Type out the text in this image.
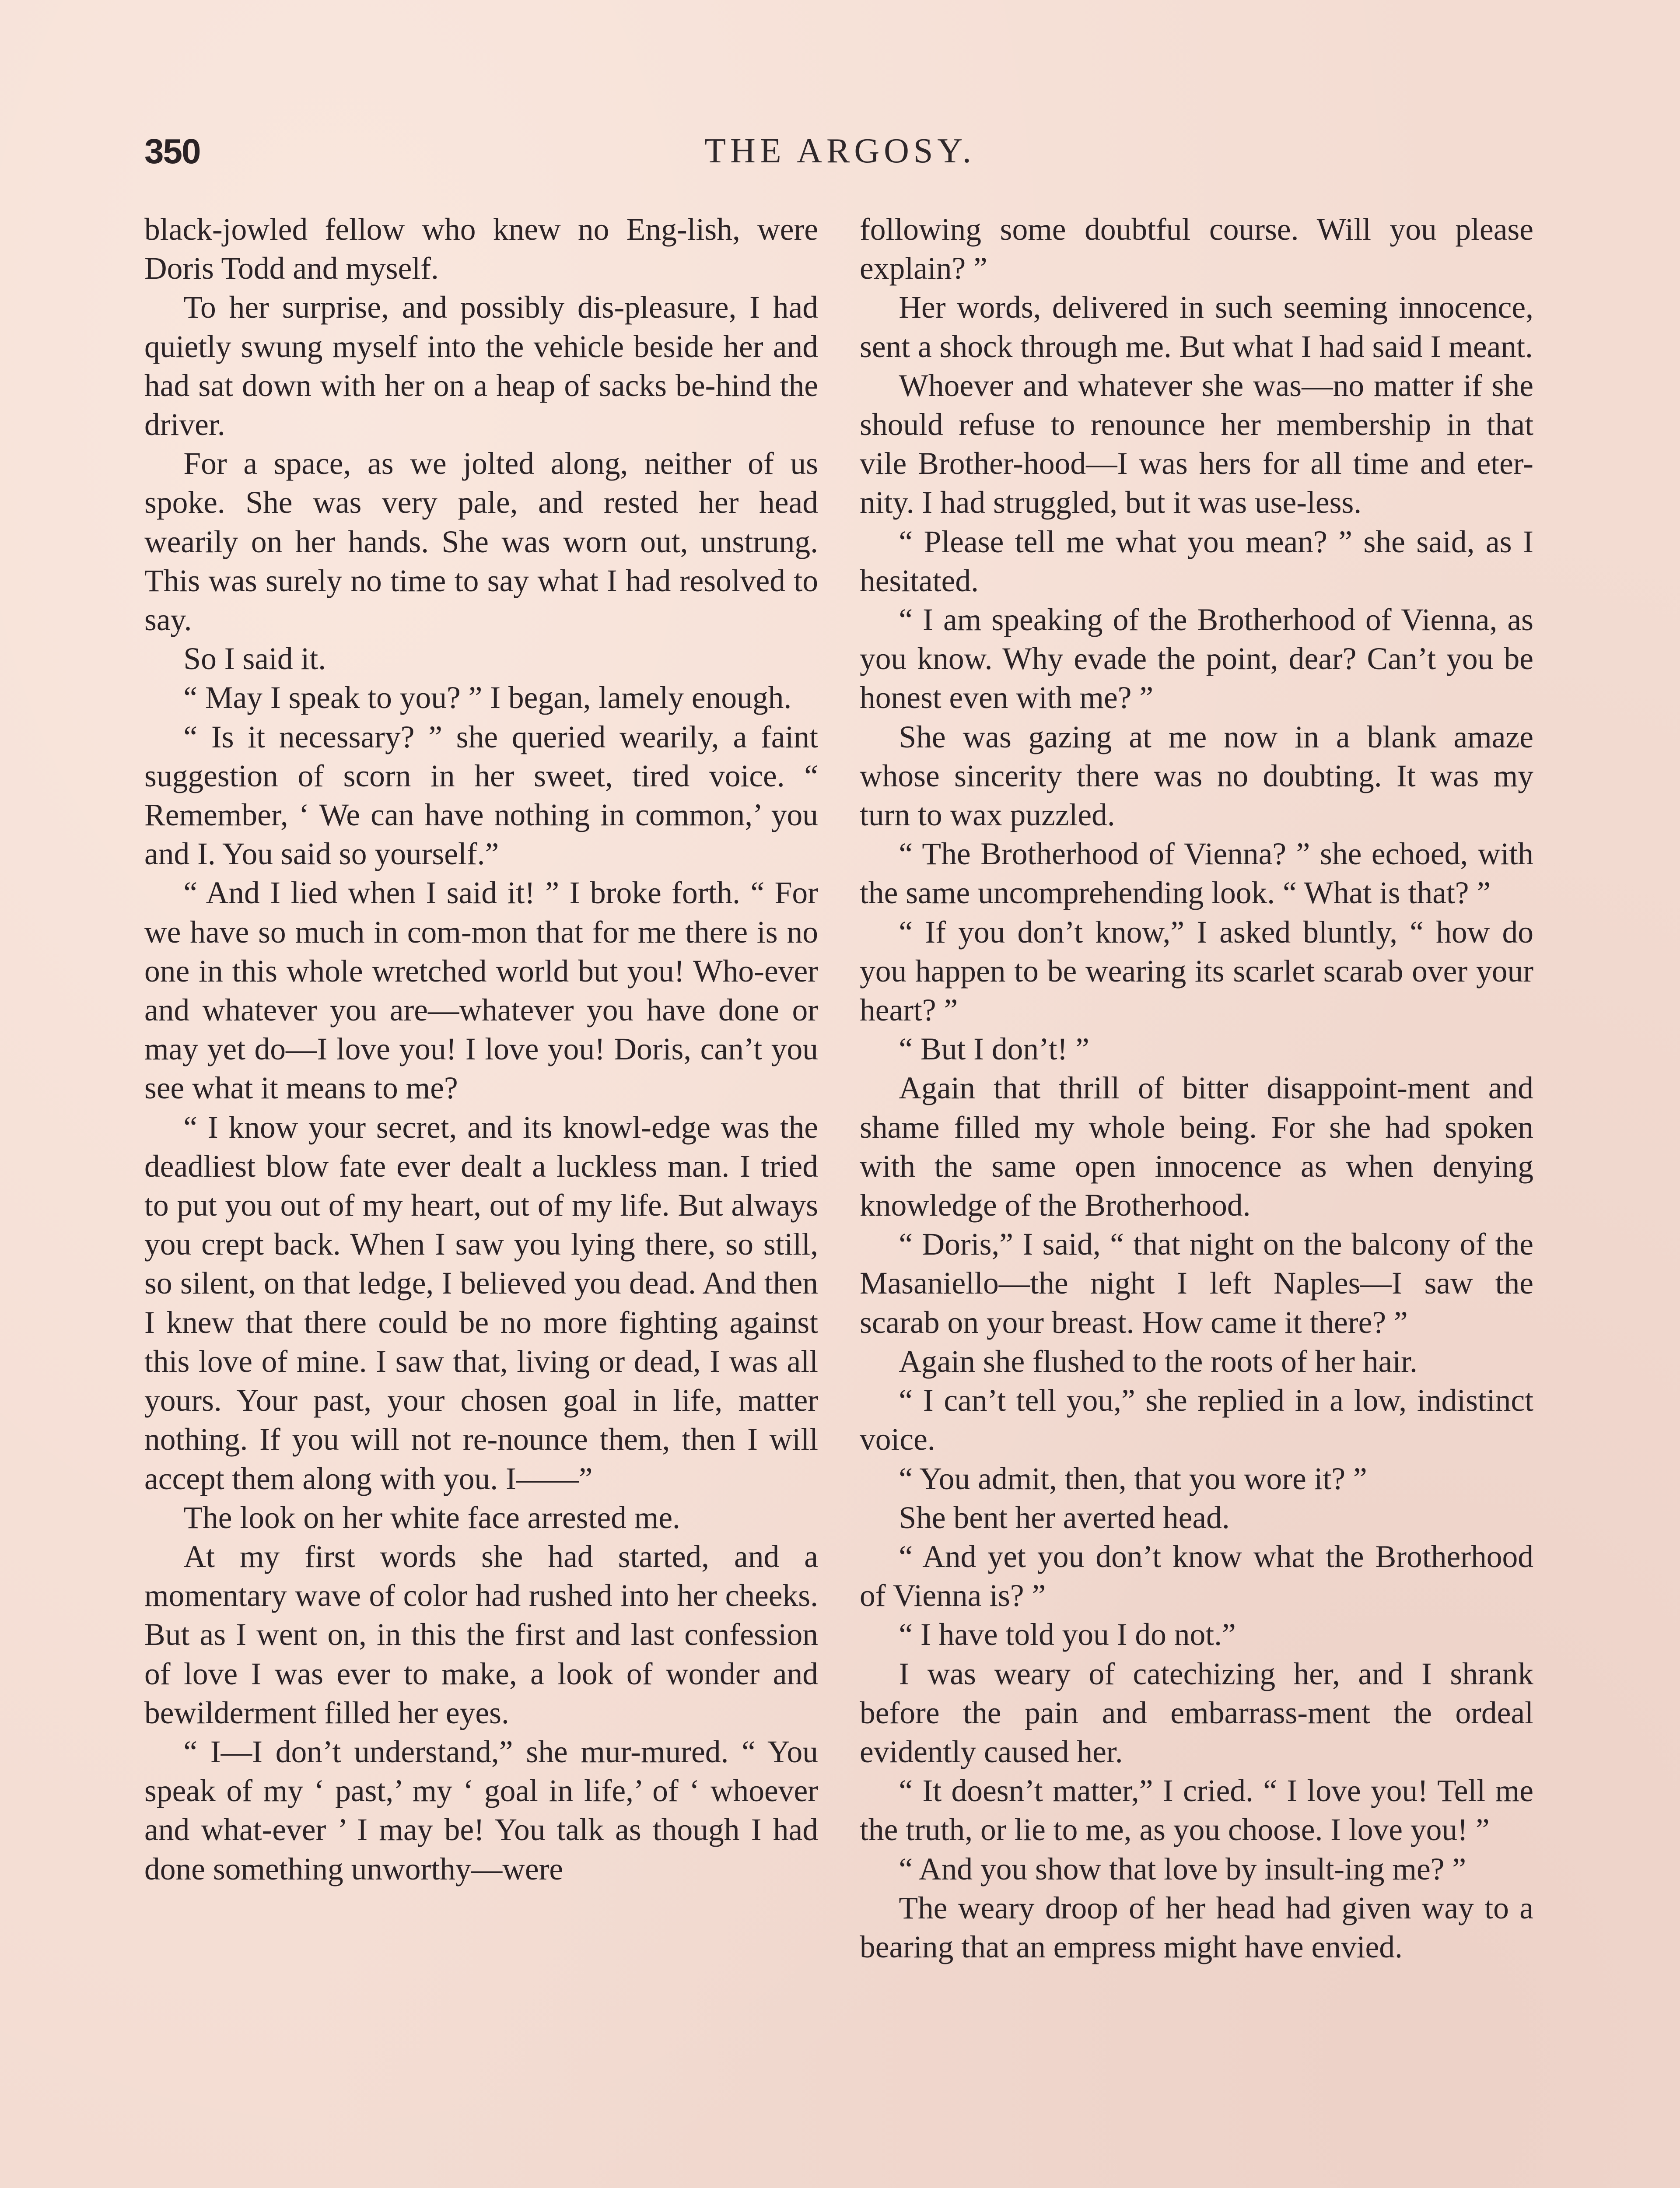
350	THE ARGOSY.

black-jowled fellow who knew no Eng-lish, were Doris Todd and myself.

To her surprise, and possibly dis-pleasure, I had quietly swung myself into the vehicle beside her and had sat down with her on a heap of sacks be-hind the driver.

For a space, as we jolted along, neither of us spoke. She was very pale, and rested her head wearily on her hands. She was worn out, unstrung. This was surely no time to say what I had resolved to say.

So I said it.

“ May I speak to you? ” I began, lamely enough.

“ Is it necessary? ” she queried wearily, a faint suggestion of scorn in her sweet, tired voice. “ Remember, ‘ We can have nothing in common,’ you and I. You said so yourself.”

“ And I lied when I said it! ” I broke forth. “ For we have so much in com-mon that for me there is no one in this whole wretched world but you! Who-ever and whatever you are—whatever you have done or may yet do—I love you! I love you! Doris, can’t you see what it means to me?

“ I know your secret, and its knowl-edge was the deadliest blow fate ever dealt a luckless man. I tried to put you out of my heart, out of my life. But always you crept back. When I saw you lying there, so still, so silent, on that ledge, I believed you dead. And then I knew that there could be no more fighting against this love of mine. I saw that, living or dead, I was all yours. Your past, your chosen goal in life, matter nothing. If you will not re-nounce them, then I will accept them along with you. I——”

The look on her white face arrested me.

At my first words she had started, and a momentary wave of color had rushed into her cheeks. But as I went on, in this the first and last confession of love I was ever to make, a look of wonder and bewilderment filled her eyes.

“ I—I don’t understand,” she mur-mured. “ You speak of my ‘ past,’ my ‘ goal in life,’ of ‘ whoever and what-ever ’ I may be! You talk as though I had done something unworthy—were

following some doubtful course. Will you please explain? ”

Her words, delivered in such seeming innocence, sent a shock through me. But what I had said I meant.

Whoever and whatever she was—no matter if she should refuse to renounce her membership in that vile Brother-hood—I was hers for all time and eter-nity. I had struggled, but it was use-less.

“ Please tell me what you mean? ” she said, as I hesitated.

“ I am speaking of the Brotherhood of Vienna, as you know. Why evade the point, dear? Can’t you be honest even with me? ”

She was gazing at me now in a blank amaze whose sincerity there was no doubting. It was my turn to wax puzzled.

“ The Brotherhood of Vienna? ” she echoed, with the same uncomprehending look. “ What is that? ”

“ If you don’t know,” I asked bluntly, “ how do you happen to be wearing its scarlet scarab over your heart? ”

“ But I don’t! ”

Again that thrill of bitter disappoint-ment and shame filled my whole being. For she had spoken with the same open innocence as when denying knowledge of the Brotherhood.

“ Doris,” I said, “ that night on the balcony of the Masaniello—the night I left Naples—I saw the scarab on your breast. How came it there? ”

Again she flushed to the roots of her hair.

“ I can’t tell you,” she replied in a low, indistinct voice.

“ You admit, then, that you wore it? ”

She bent her averted head.

“ And yet you don’t know what the Brotherhood of Vienna is? ”

“ I have told you I do not.”

I was weary of catechizing her, and I shrank before the pain and embarrass-ment the ordeal evidently caused her.

“ It doesn’t matter,” I cried. “ I love you! Tell me the truth, or lie to me, as you choose. I love you! ”

“ And you show that love by insult-ing me? ”

The weary droop of her head had given way to a bearing that an empress might have envied.
